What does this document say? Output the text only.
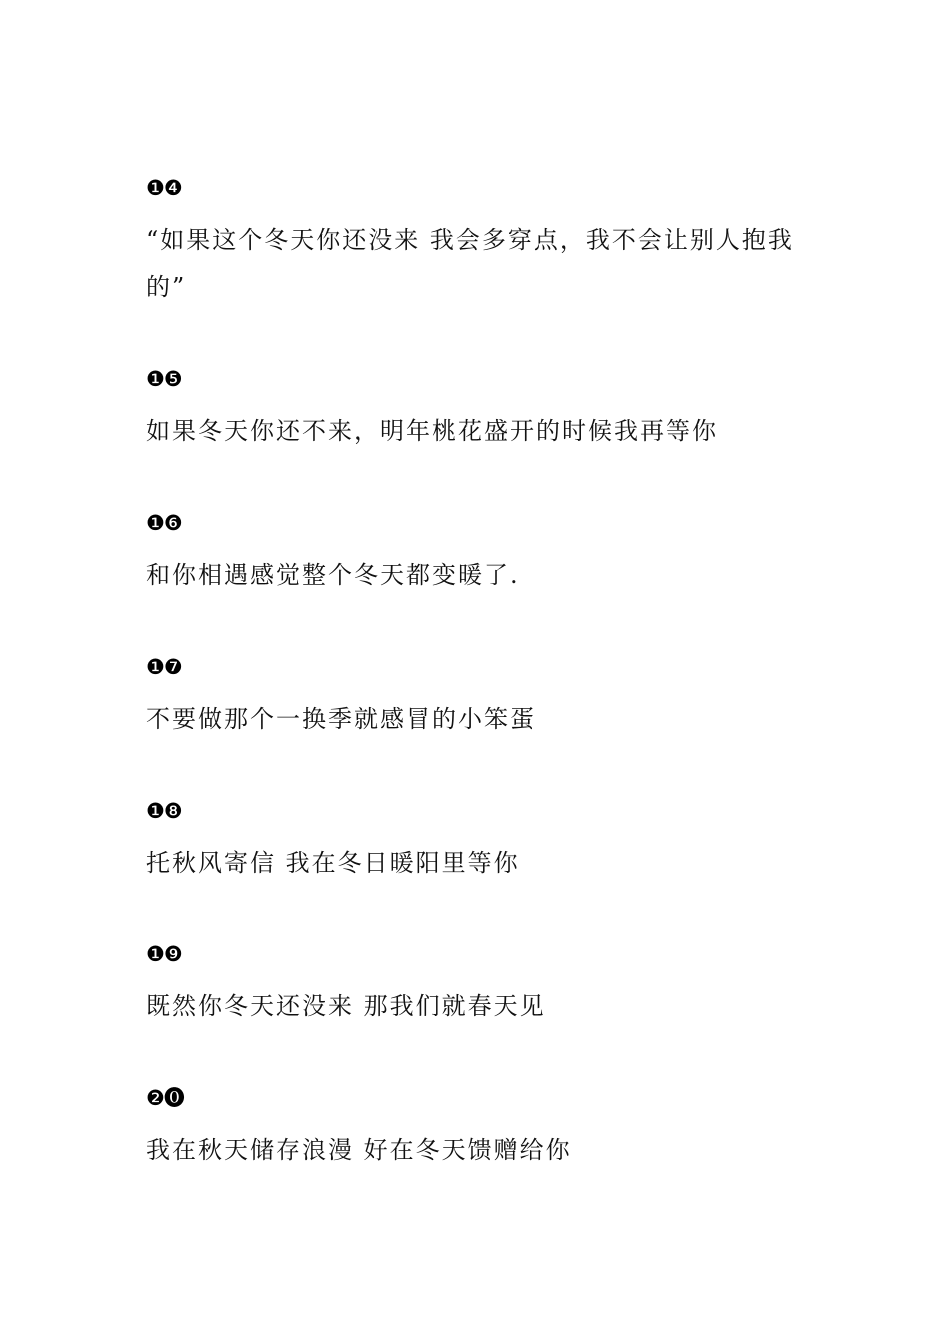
❶❹
“如果这个冬天你还没来 我会多穿点，我不会让别人抱我的”
❶❺
如果冬天你还不来，明年桃花盛开的时候我再等你
❶❻
和你相遇感觉整个冬天都变暖了.
❶❼
不要做那个一换季就感冒的小笨蛋
❶❽
托秋风寄信 我在冬日暖阳里等你
❶❾
既然你冬天还没来 那我们就春天见
❷⓿
我在秋天储存浪漫 好在冬天馈赠给你
